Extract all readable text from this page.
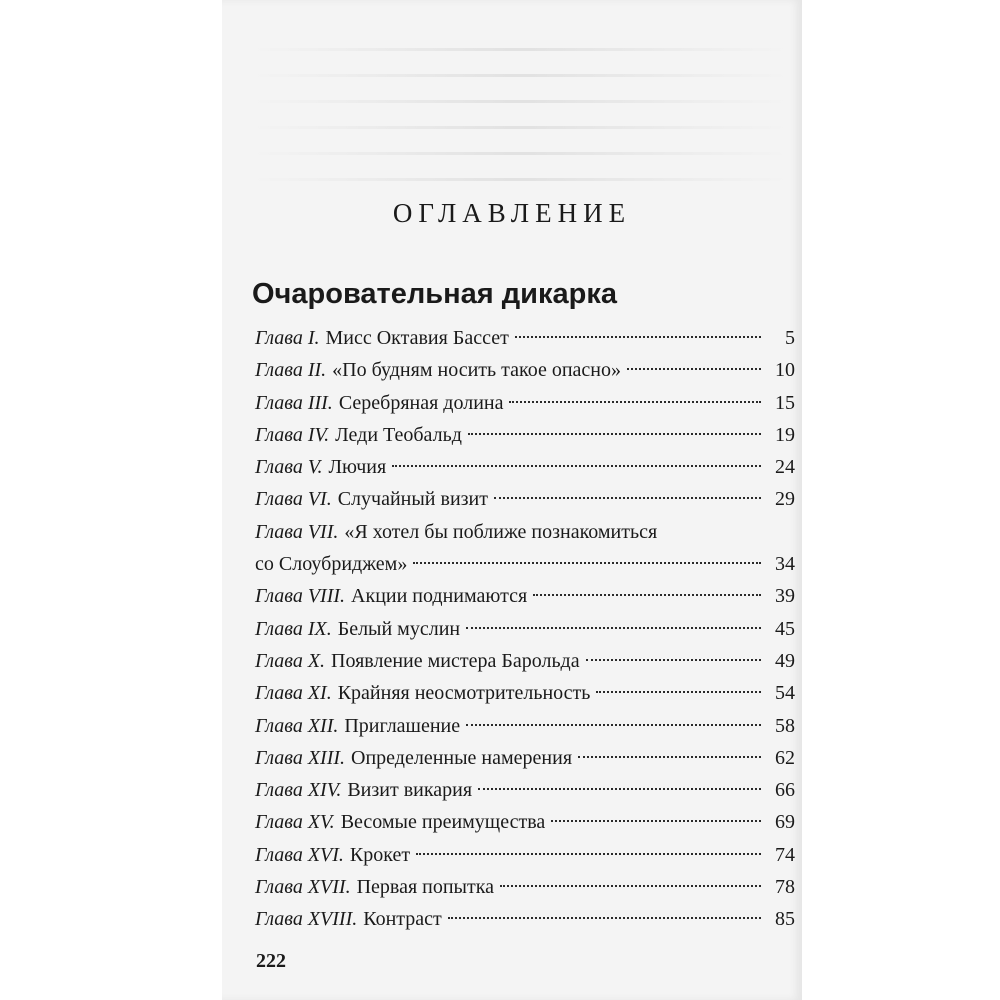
ОГЛАВЛЕНИЕ
Очаровательная дикарка
Глава I. Мисс Октавия Бассет	5
Глава II. «По будням носить такое опасно»	10
Глава III. Серебряная долина	15
Глава IV. Леди Теобальд	19
Глава V. Лючия	24
Глава VI. Случайный визит	29
Глава VII. «Я хотел бы поближе познакомиться
со Слоубриджем»	34
Глава VIII. Акции поднимаются	39
Глава IX. Белый муслин	45
Глава X. Появление мистера Барольда	49
Глава XI. Крайняя неосмотрительность	54
Глава XII. Приглашение	58
Глава XIII. Определенные намерения	62
Глава XIV. Визит викария	66
Глава XV. Весомые преимущества	69
Глава XVI. Крокет	74
Глава XVII. Первая попытка	78
Глава XVIII. Контраст	85
222
